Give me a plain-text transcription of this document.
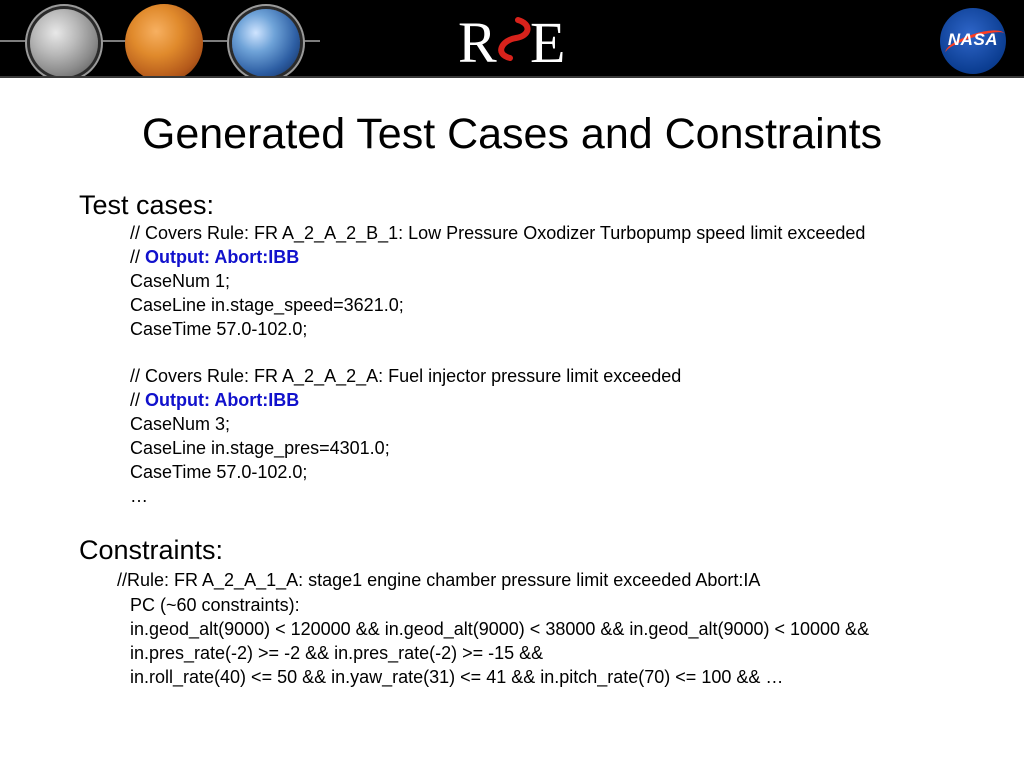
R E	NASA
Generated Test Cases and Constraints
Test cases:
// Covers Rule: FR A_2_A_2_B_1: Low Pressure Oxodizer Turbopump speed limit exceeded
// Output: Abort:IBB
CaseNum 1;
CaseLine in.stage_speed=3621.0;
CaseTime 57.0-102.0;
// Covers Rule: FR A_2_A_2_A: Fuel injector pressure limit exceeded
// Output: Abort:IBB
CaseNum 3;
CaseLine in.stage_pres=4301.0;
CaseTime 57.0-102.0;
…
Constraints:
//Rule: FR A_2_A_1_A: stage1 engine chamber pressure limit exceeded Abort:IA
PC (~60 constraints):
in.geod_alt(9000) < 120000 && in.geod_alt(9000) < 38000 && in.geod_alt(9000) < 10000 &&
in.pres_rate(-2) >= -2 && in.pres_rate(-2) >= -15 &&
in.roll_rate(40) <= 50 && in.yaw_rate(31) <= 41 && in.pitch_rate(70) <= 100 && …
